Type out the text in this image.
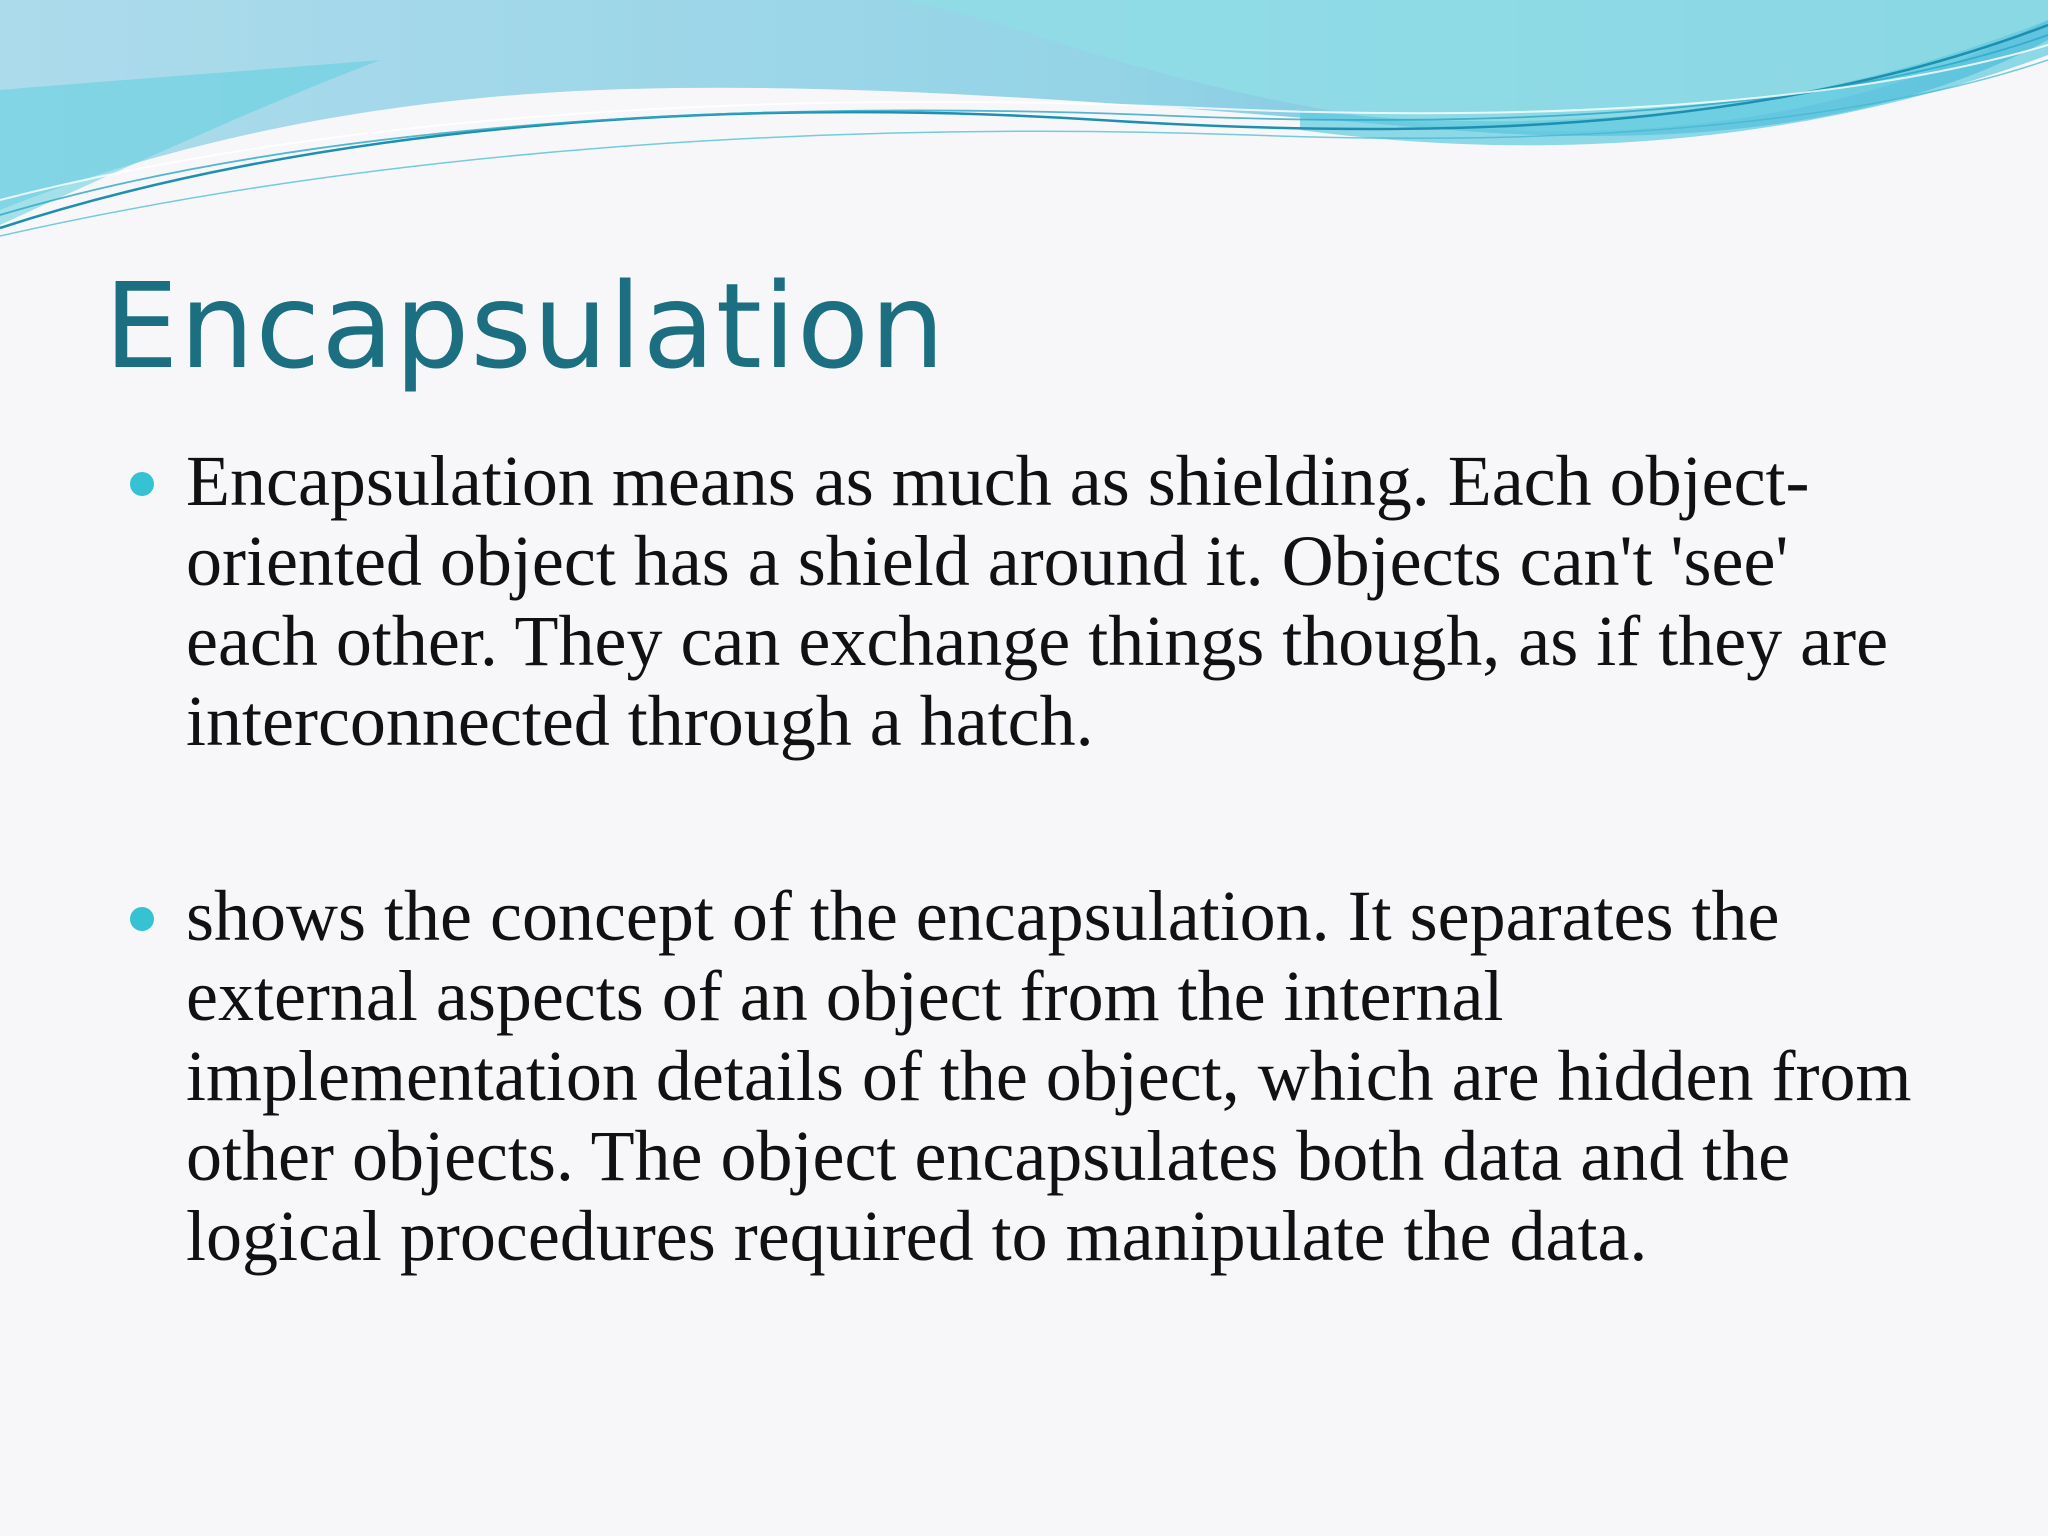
Encapsulation
Encapsulation means as much as shielding. Each object-oriented object has a shield around it. Objects can't 'see' each other. They can exchange things though, as if they are interconnected through a hatch.
shows the concept of the encapsulation. It separates the external aspects of an object from the internal implementation details of the object, which are hidden from other objects. The object encapsulates both data and the logical procedures required to manipulate the data.
